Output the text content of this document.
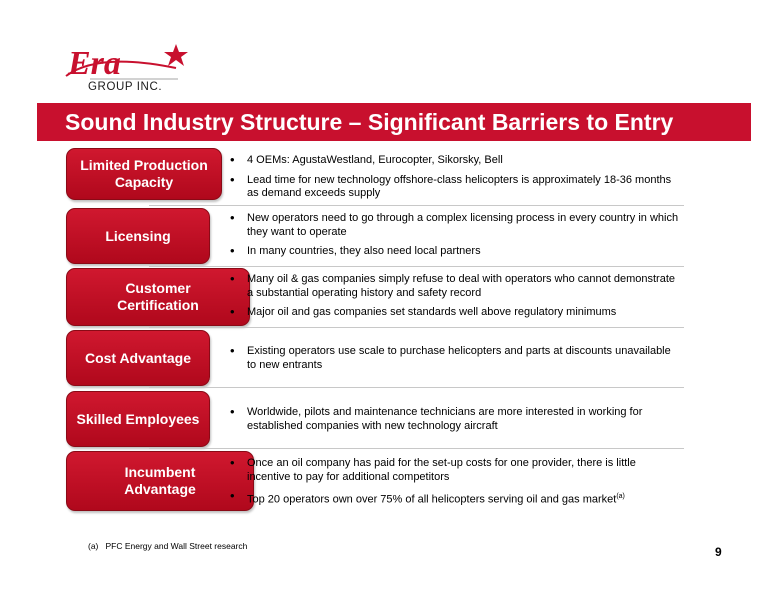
Era
GROUP INC.
Sound Industry Structure – Significant Barriers to Entry
Limited Production Capacity
• 4 OEMs: AgustaWestland, Eurocopter, Sikorsky, Bell
• Lead time for new technology offshore-class helicopters is approximately 18-36 months as demand exceeds supply
Licensing
• New operators need to go through a complex licensing process in every country in which they want to operate
• In many countries, they also need local partners
Customer Certification
• Many oil & gas companies simply refuse to deal with operators who cannot demonstrate a substantial operating history and safety record
• Major oil and gas companies set standards well above regulatory minimums
Cost Advantage	• Existing operators use scale to purchase helicopters and parts at discounts unavailable to new entrants
Skilled Employees	• Worldwide, pilots and maintenance technicians are more interested in working for established companies with new technology aircraft
Incumbent Advantage
• Once an oil company has paid for the set-up costs for one provider, there is little incentive to pay for additional competitors
• Top 20 operators own over 75% of all helicopters serving oil and gas market$^{(a)}$
(a) PFC Energy and Wall Street research	9
